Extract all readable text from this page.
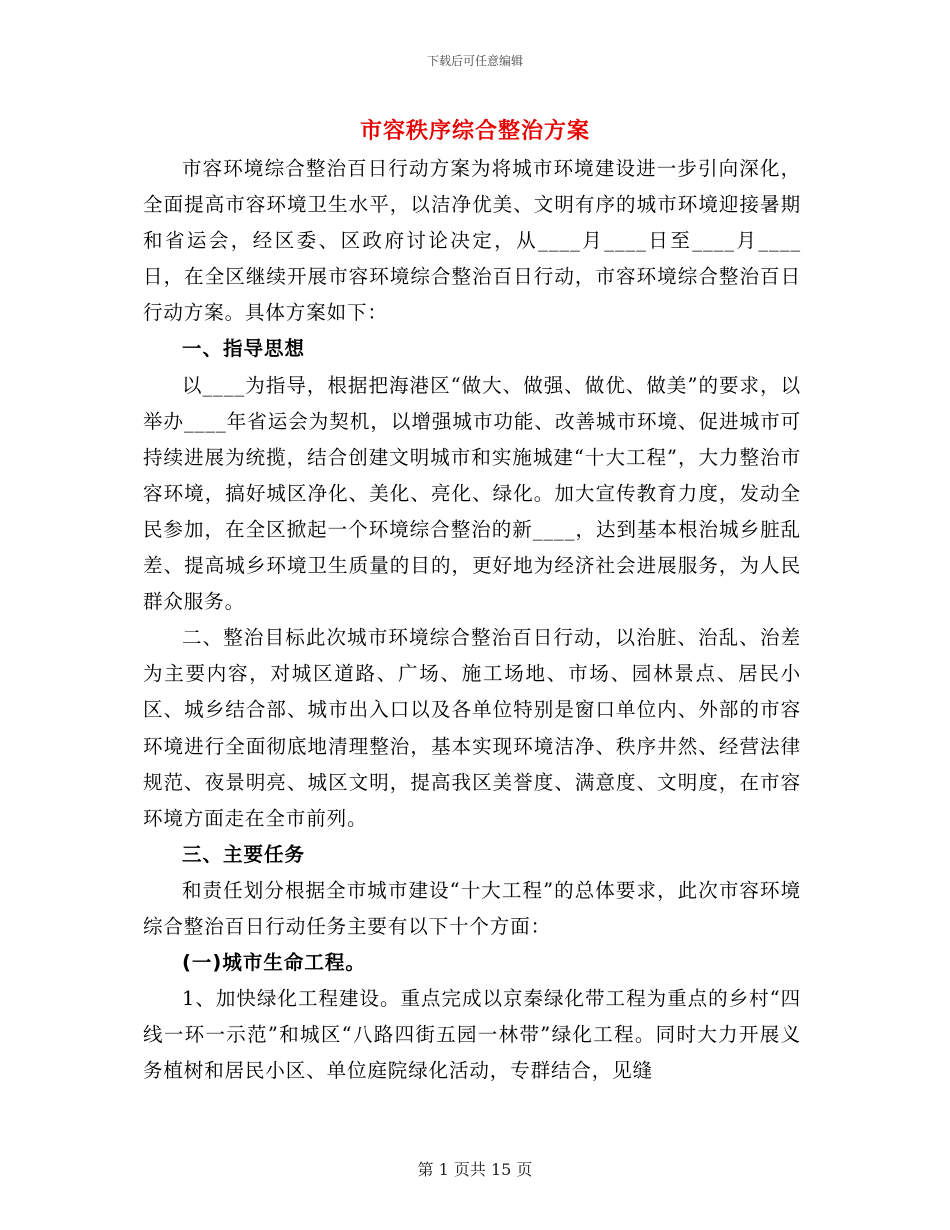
下载后可任意编辑
市容秩序综合整治方案

市容环境综合整治百日行动方案为将城市环境建设进一步引向深化，全面提高市容环境卫生水平，以洁净优美、文明有序的城市环境迎接暑期和省运会，经区委、区政府讨论决定，从____月____日至____月____日，在全区继续开展市容环境综合整治百日行动，市容环境综合整治百日行动方案。具体方案如下：

一、指导思想

以____为指导，根据把海港区“做大、做强、做优、做美”的要求，以举办____年省运会为契机，以增强城市功能、改善城市环境、促进城市可持续进展为统揽，结合创建文明城市和实施城建“十大工程”，大力整治市容环境，搞好城区净化、美化、亮化、绿化。加大宣传教育力度，发动全民参加，在全区掀起一个环境综合整治的新____，达到基本根治城乡脏乱差、提高城乡环境卫生质量的目的，更好地为经济社会进展服务，为人民群众服务。

二、整治目标此次城市环境综合整治百日行动，以治脏、治乱、治差为主要内容，对城区道路、广场、施工场地、市场、园林景点、居民小区、城乡结合部、城市出入口以及各单位特别是窗口单位内、外部的市容环境进行全面彻底地清理整治，基本实现环境洁净、秩序井然、经营法律规范、夜景明亮、城区文明，提高我区美誉度、满意度、文明度，在市容环境方面走在全市前列。

三、主要任务

和责任划分根据全市城市建设“十大工程”的总体要求，此次市容环境综合整治百日行动任务主要有以下十个方面：

(一)城市生命工程。

1、加快绿化工程建设。重点完成以京秦绿化带工程为重点的乡村“四线一环一示范”和城区“八路四街五园一林带”绿化工程。同时大力开展义务植树和居民小区、单位庭院绿化活动，专群结合，见缝

第 1 页共 15 页
